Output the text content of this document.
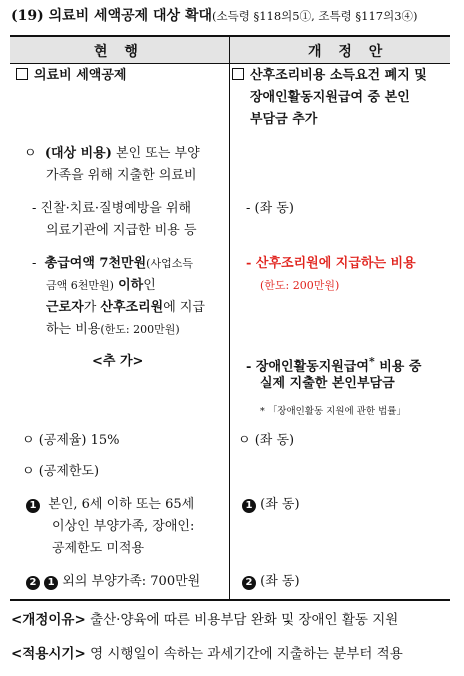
(19) 의료비 세액공제 대상 확대(소득령 §118의5①, 조특령 §117의3④)
현 행	개 정 안
의료비 세액공제
ㅇ (대상 비용) 본인 또는 부양
가족을 위해 지출한 의료비
- 진찰·치료·질병예방을 위해
의료기관에 지급한 비용 등
- 총급여액 7천만원(사업소득
금액 6천만원) 이하인
근로자가 산후조리원에 지급
하는 비용(한도: 200만원)
<추 가>
ㅇ (공제율) 15%
ㅇ (공제한도)
1 본인, 6세 이하 또는 65세
이상인 부양가족, 장애인:
공제한도 미적용
2 1 외의 부양가족: 700만원
산후조리비용 소득요건 폐지 및
장애인활동지원급여 중 본인
부담금 추가
- (좌 동)
- 산후조리원에 지급하는 비용
(한도: 200만원)
- 장애인활동지원급여* 비용 중
실제 지출한 본인부담금
* 「장애인활동 지원에 관한 법률」
ㅇ (좌 동)
1 (좌 동)
2 (좌 동)
<개정이유> 출산·양육에 따른 비용부담 완화 및 장애인 활동 지원
<적용시기> 영 시행일이 속하는 과세기간에 지출하는 분부터 적용
